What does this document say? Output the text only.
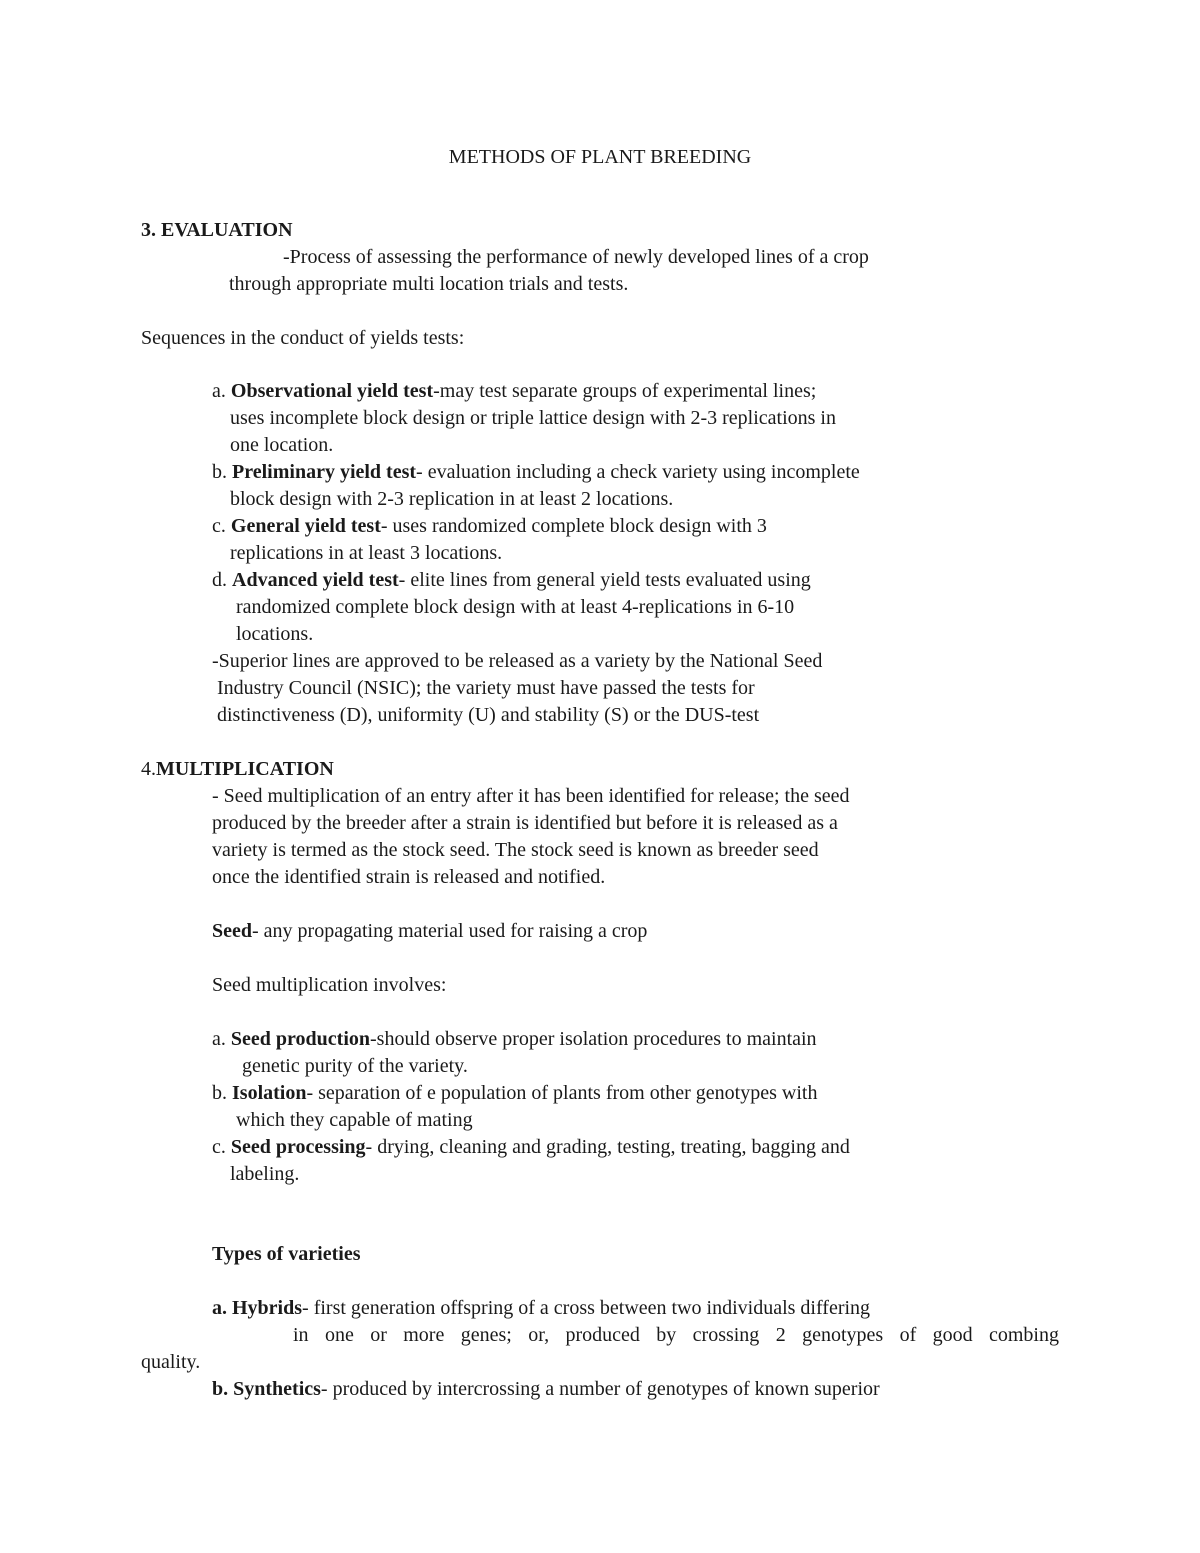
METHODS OF PLANT BREEDING
3. EVALUATION
-Process of assessing the performance of newly developed lines of a crop
through appropriate multi location trials and tests.
Sequences in the conduct of yields tests:
a. Observational yield test-may test separate groups of experimental lines;
uses incomplete block design or triple lattice design with 2-3 replications in
one location.
b. Preliminary yield test- evaluation including a check variety using incomplete
block design with 2-3 replication in at least 2 locations.
c. General yield test- uses randomized complete block design with 3
replications in at least 3 locations.
d. Advanced yield test- elite lines from general yield tests evaluated using
randomized complete block design with at least 4-replications in 6-10
locations.
-Superior lines are approved to be released as a variety by the National Seed
Industry Council (NSIC); the variety must have passed the tests for
distinctiveness (D), uniformity (U) and stability (S) or the DUS-test
4.MULTIPLICATION
- Seed multiplication of an entry after it has been identified for release; the seed
produced by the breeder after a strain is identified but before it is released as a
variety is termed as the stock seed. The stock seed is known as breeder seed
once the identified strain is released and notified.
Seed- any propagating material used for raising a crop
Seed multiplication involves:
a. Seed production-should observe proper isolation procedures to maintain
genetic purity of the variety.
b. Isolation- separation of e population of plants from other genotypes with
which they capable of mating
c. Seed processing- drying, cleaning and grading, testing, treating, bagging and
labeling.
Types of varieties
a. Hybrids- first generation offspring of a cross between two individuals differing
in one or more genes; or, produced by crossing 2 genotypes of good combing
quality.
b. Synthetics- produced by intercrossing a number of genotypes of known superior
